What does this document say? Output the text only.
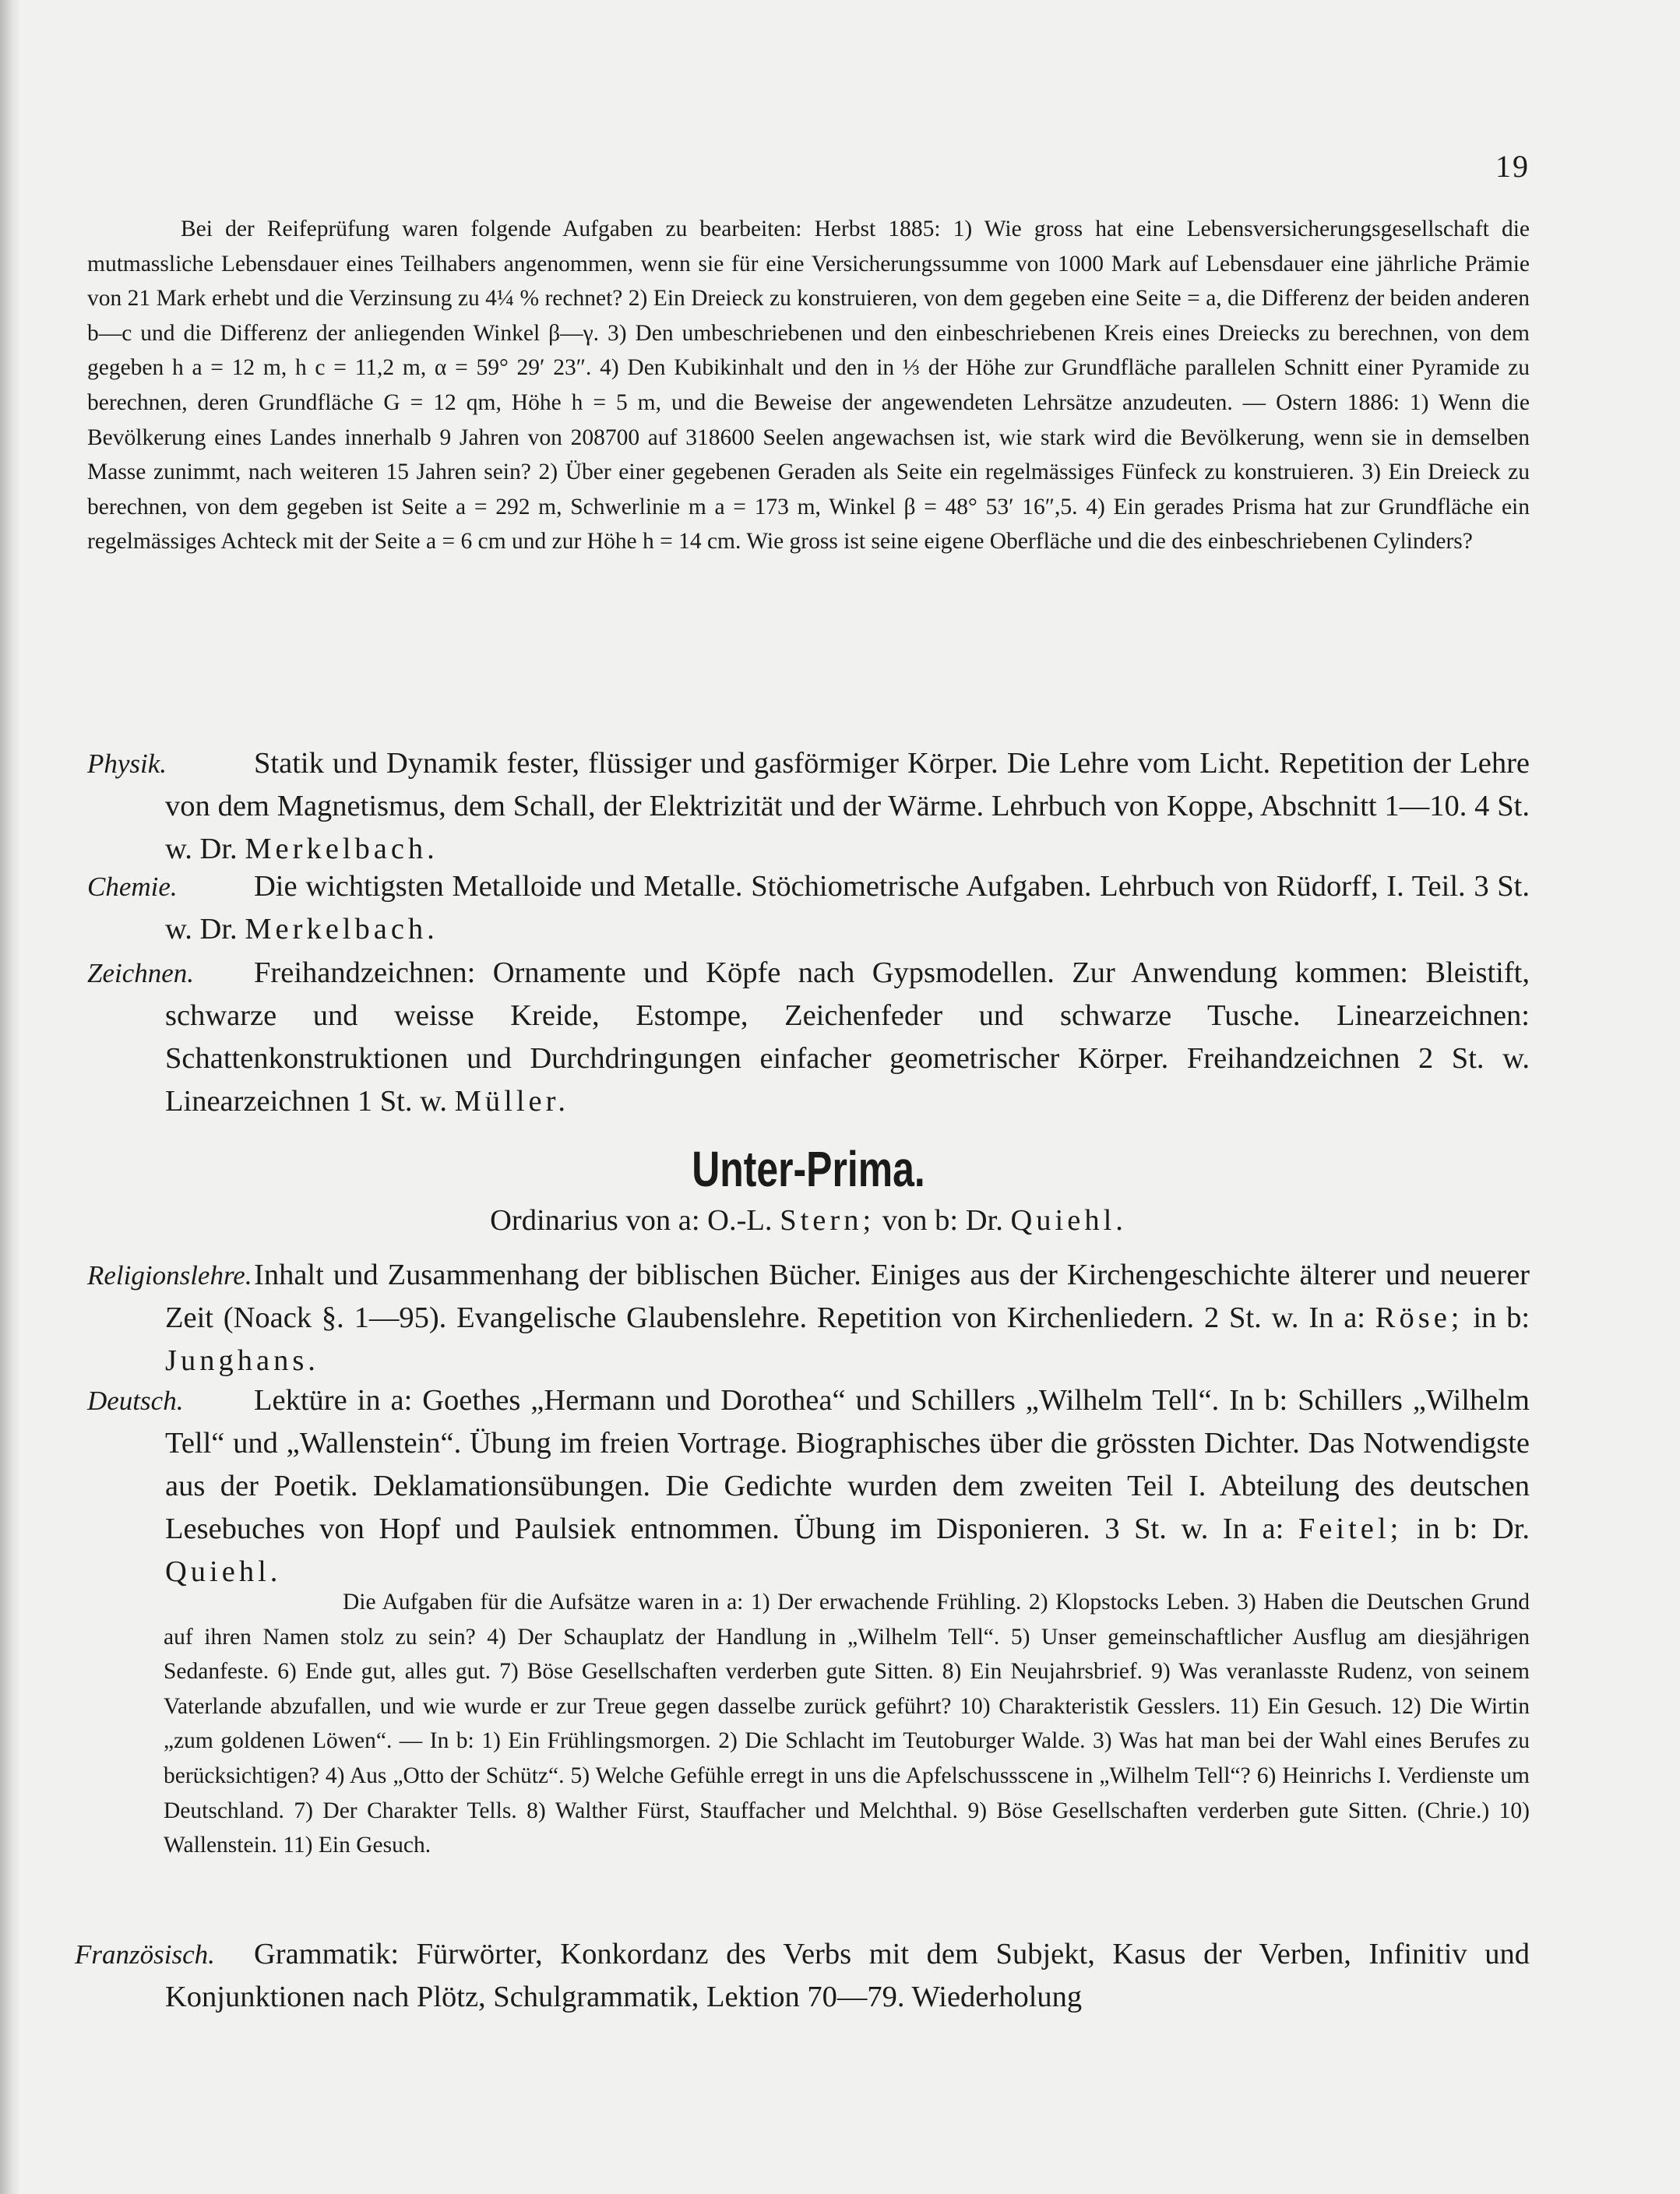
19

Bei der Reifeprüfung waren folgende Aufgaben zu bearbeiten: Herbst 1885: 1) Wie gross hat eine Lebensversicherungsgesellschaft die mutmassliche Lebensdauer eines Teilhabers angenommen, wenn sie für eine Versicherungssumme von 1000 Mark auf Lebensdauer eine jährliche Prämie von 21 Mark erhebt und die Verzinsung zu 4¼ % rechnet? 2) Ein Dreieck zu konstruieren, von dem gegeben eine Seite = a, die Differenz der beiden anderen b—c und die Differenz der anliegenden Winkel β—γ. 3) Den umbeschriebenen und den einbeschriebenen Kreis eines Dreiecks zu berechnen, von dem gegeben h a = 12 m, h c = 11,2 m, α = 59° 29′ 23″. 4) Den Kubikinhalt und den in ⅓ der Höhe zur Grundfläche parallelen Schnitt einer Pyramide zu berechnen, deren Grundfläche G = 12 qm, Höhe h = 5 m, und die Beweise der angewendeten Lehrsätze anzudeuten. — Ostern 1886: 1) Wenn die Bevölkerung eines Landes innerhalb 9 Jahren von 208700 auf 318600 Seelen angewachsen ist, wie stark wird die Bevölkerung, wenn sie in demselben Masse zunimmt, nach weiteren 15 Jahren sein? 2) Über einer gegebenen Geraden als Seite ein regelmässiges Fünfeck zu konstruieren. 3) Ein Dreieck zu berechnen, von dem gegeben ist Seite a = 292 m, Schwerlinie m a = 173 m, Winkel β = 48° 53′ 16″,5. 4) Ein gerades Prisma hat zur Grundfläche ein regelmässiges Achteck mit der Seite a = 6 cm und zur Höhe h = 14 cm. Wie gross ist seine eigene Oberfläche und die des einbeschriebenen Cylinders?

Physik.	Statik und Dynamik fester, flüssiger und gasförmiger Körper. Die Lehre vom Licht. Repetition der Lehre von dem Magnetismus, dem Schall, der Elektrizität und der Wärme. Lehrbuch von Koppe, Abschnitt 1—10. 4 St. w. Dr. Merkelbach.
Chemie.	Die wichtigsten Metalloide und Metalle. Stöchiometrische Aufgaben. Lehrbuch von Rüdorff, I. Teil. 3 St. w. Dr. Merkelbach.
Zeichnen. Freihandzeichnen: Ornamente und Köpfe nach Gypsmodellen. Zur Anwendung kommen: Bleistift, schwarze und weisse Kreide, Estompe, Zeichenfeder und schwarze Tusche. Linearzeichnen: Schattenkonstruktionen und Durchdringungen einfacher geometrischer Körper. Freihandzeichnen 2 St. w. Linearzeichnen 1 St. w. Müller.
Unter-Prima.
Ordinarius von a: O.-L. Stern; von b: Dr. Quiehl.
Religionslehre. Inhalt und Zusammenhang der biblischen Bücher. Einiges aus der Kirchengeschichte älterer und neuerer Zeit (Noack §. 1—95). Evangelische Glaubenslehre. Repetition von Kirchenliedern. 2 St. w. In a: Röse; in b: Junghans.
Deutsch. Lektüre in a: Goethes „Hermann und Dorothea“ und Schillers „Wilhelm Tell“. In b: Schillers „Wilhelm Tell“ und „Wallenstein“. Übung im freien Vortrage. Biographisches über die grössten Dichter. Das Notwendigste aus der Poetik. Deklamationsübungen. Die Gedichte wurden dem zweiten Teil I. Abteilung des deutschen Lesebuches von Hopf und Paulsiek entnommen. Übung im Disponieren. 3 St. w. In a: Feitel; in b: Dr. Quiehl.

Die Aufgaben für die Aufsätze waren in a: 1) Der erwachende Frühling. 2) Klopstocks Leben. 3) Haben die Deutschen Grund auf ihren Namen stolz zu sein? 4) Der Schauplatz der Handlung in „Wilhelm Tell“. 5) Unser gemeinschaftlicher Ausflug am diesjährigen Sedanfeste. 6) Ende gut, alles gut. 7) Böse Gesellschaften verderben gute Sitten. 8) Ein Neujahrsbrief. 9) Was veranlasste Rudenz, von seinem Vaterlande abzufallen, und wie wurde er zur Treue gegen dasselbe zurück geführt? 10) Charakteristik Gesslers. 11) Ein Gesuch. 12) Die Wirtin „zum goldenen Löwen“. — In b: 1) Ein Frühlingsmorgen. 2) Die Schlacht im Teutoburger Walde. 3) Was hat man bei der Wahl eines Berufes zu berücksichtigen? 4) Aus „Otto der Schütz“. 5) Welche Gefühle erregt in uns die Apfelschussscene in „Wilhelm Tell“? 6) Heinrichs I. Verdienste um Deutschland. 7) Der Charakter Tells. 8) Walther Fürst, Stauffacher und Melchthal. 9) Böse Gesellschaften verderben gute Sitten. (Chrie.) 10) Wallenstein. 11) Ein Gesuch.

Französisch. Grammatik: Fürwörter, Konkordanz des Verbs mit dem Subjekt, Kasus der Verben, Infinitiv und Konjunktionen nach Plötz, Schulgrammatik, Lektion 70—79. Wiederholung
